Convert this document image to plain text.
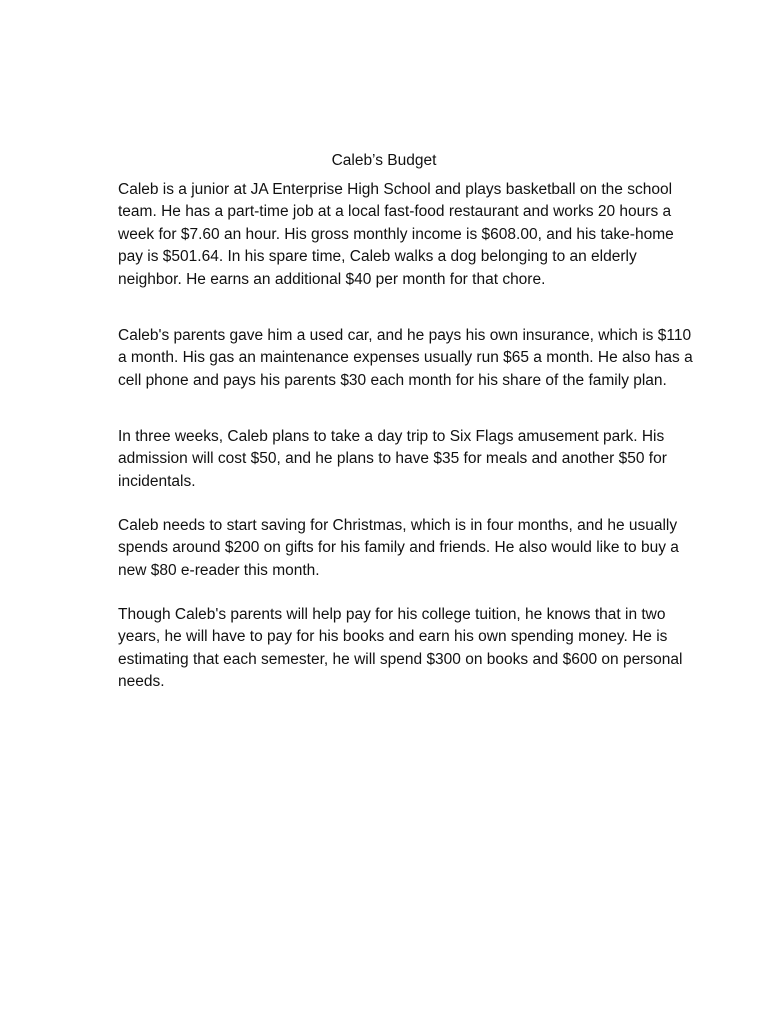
Caleb’s Budget

Caleb is a junior at JA Enterprise High School and plays basketball on the school
team. He has a part-time job at a local fast-food restaurant and works 20 hours a
week for $7.60 an hour. His gross monthly income is $608.00, and his take-home
pay is $501.64. In his spare time, Caleb walks a dog belonging to an elderly
neighbor. He earns an additional $40 per month for that chore.

Caleb's parents gave him a used car, and he pays his own insurance, which is $110
a month. His gas an maintenance expenses usually run $65 a month. He also has a
cell phone and pays his parents $30 each month for his share of the family plan.

In three weeks, Caleb plans to take a day trip to Six Flags amusement park. His
admission will cost $50, and he plans to have $35 for meals and another $50 for
incidentals.

Caleb needs to start saving for Christmas, which is in four months, and he usually
spends around $200 on gifts for his family and friends. He also would like to buy a
new $80 e-reader this month.

Though Caleb's parents will help pay for his college tuition, he knows that in two
years, he will have to pay for his books and earn his own spending money. He is
estimating that each semester, he will spend $300 on books and $600 on personal
needs.
